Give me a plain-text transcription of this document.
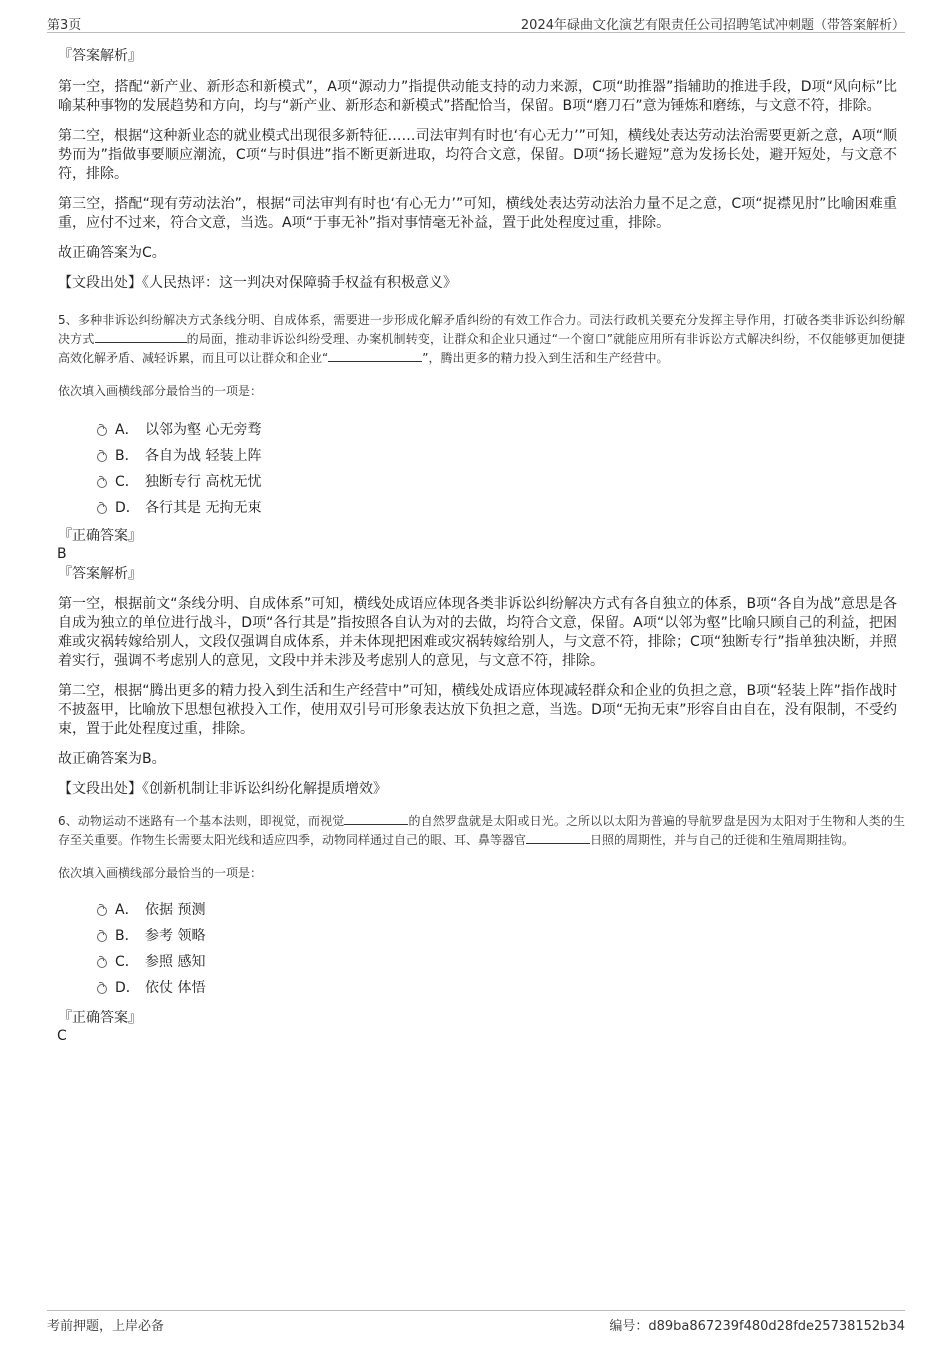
第3页	2024年碌曲文化演艺有限责任公司招聘笔试冲刺题（带答案解析）

『答案解析』

第一空，搭配“新产业、新形态和新模式”，A项“源动力”指提供动能支持的动力来源，C项“助推器”指辅助的推进手段，D项“风向标”比喻某种事物的发展趋势和方向，均与“新产业、新形态和新模式”搭配恰当，保留。B项“磨刀石”意为锤炼和磨练，与文意不符，排除。

第二空，根据“这种新业态的就业模式出现很多新特征……司法审判有时也‘有心无力’”可知，横线处表达劳动法治需要更新之意，A项“顺势而为”指做事要顺应潮流，C项“与时俱进”指不断更新进取，均符合文意，保留。D项“扬长避短”意为发扬长处，避开短处，与文意不符，排除。

第三空，搭配“现有劳动法治”，根据“司法审判有时也‘有心无力’”可知，横线处表达劳动法治力量不足之意，C项“捉襟见肘”比喻困难重重，应付不过来，符合文意，当选。A项“于事无补”指对事情毫无补益，置于此处程度过重，排除。

故正确答案为C。

【文段出处】《人民热评：这一判决对保障骑手权益有积极意义》

5、多种非诉讼纠纷解决方式条线分明、自成体系，需要进一步形成化解矛盾纠纷的有效工作合力。司法行政机关要充分发挥主导作用，打破各类非诉讼纠纷解决方式	的局面，推动非诉讼纠纷受理、办案机制转变，让群众和企业只通过“一个窗口”就能应用所有非诉讼方式解决纠纷，不仅能够更加便捷高效化解矛盾、减轻诉累，而且可以让群众和企业“	”，腾出更多的精力投入到生活和生产经营中。

依次填入画横线部分最恰当的一项是：

A． 以邻为壑 心无旁骛
B． 各自为战 轻装上阵
C． 独断专行 高枕无忧
D． 各行其是 无拘无束

『正确答案』

B

『答案解析』

第一空，根据前文“条线分明、自成体系”可知，横线处成语应体现各类非诉讼纠纷解决方式有各自独立的体系，B项“各自为战”意思是各自成为独立的单位进行战斗，D项“各行其是”指按照各自认为对的去做，均符合文意，保留。A项“以邻为壑”比喻只顾自己的利益，把困难或灾祸转嫁给别人，文段仅强调自成体系，并未体现把困难或灾祸转嫁给别人，与文意不符，排除；C项“独断专行”指单独决断，并照着实行，强调不考虑别人的意见，文段中并未涉及考虑别人的意见，与文意不符，排除。

第二空，根据“腾出更多的精力投入到生活和生产经营中”可知，横线处成语应体现减轻群众和企业的负担之意，B项“轻装上阵”指作战时不披盔甲，比喻放下思想包袱投入工作，使用双引号可形象表达放下负担之意，当选。D项“无拘无束”形容自由自在，没有限制，不受约束，置于此处程度过重，排除。

故正确答案为B。

【文段出处】《创新机制让非诉讼纠纷化解提质增效》

6、动物运动不迷路有一个基本法则，即视觉，而视觉	的自然罗盘就是太阳或日光。之所以以太阳为普遍的导航罗盘是因为太阳对于生物和人类的生存至关重要。作物生长需要太阳光线和适应四季，动物同样通过自己的眼、耳、鼻等器官	日照的周期性，并与自己的迁徙和生殖周期挂钩。

依次填入画横线部分最恰当的一项是：

A． 依据 预测
B． 参考 领略
C． 参照 感知
D． 依仗 体悟

『正确答案』

C

考前押题，上岸必备	编号：d89ba867239f480d28fde25738152b34
